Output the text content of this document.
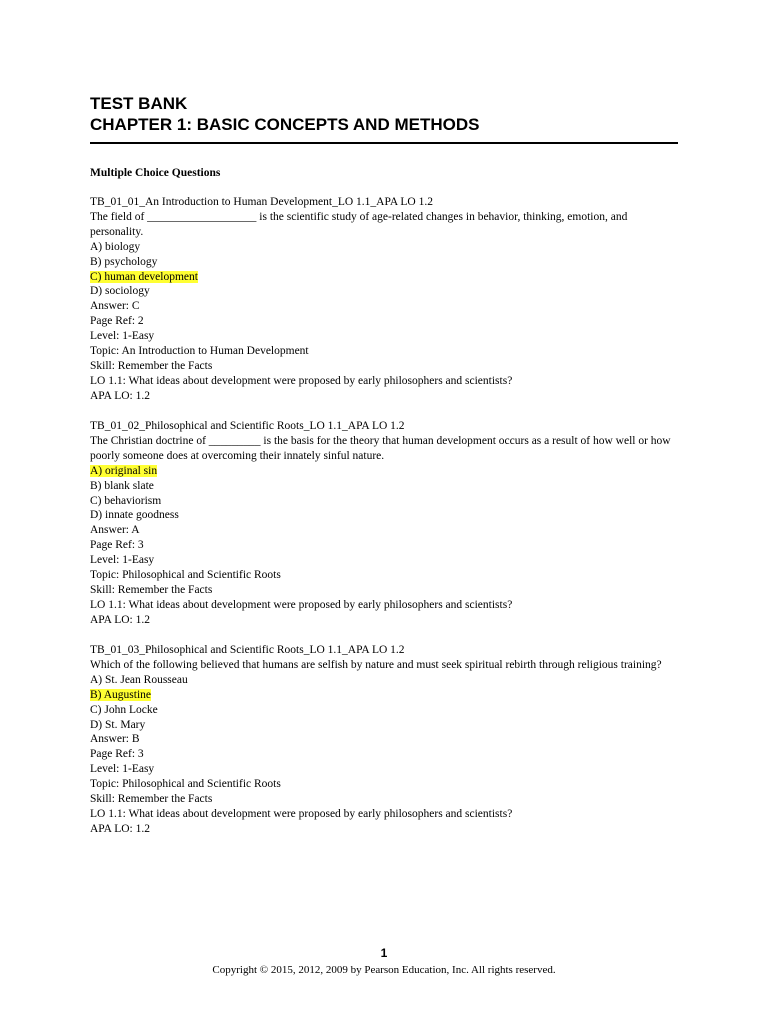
TEST BANK

CHAPTER 1: BASIC CONCEPTS AND METHODS

Multiple Choice Questions
TB_01_01_An Introduction to Human Development_LO 1.1_APA LO 1.2
The field of ___________________ is the scientific study of age-related changes in behavior, thinking, emotion, and personality.
A) biology
B) psychology
C) human development
D) sociology
Answer: C
Page Ref: 2
Level: 1-Easy
Topic: An Introduction to Human Development
Skill: Remember the Facts
LO 1.1: What ideas about development were proposed by early philosophers and scientists?
APA LO: 1.2
TB_01_02_Philosophical and Scientific Roots_LO 1.1_APA LO 1.2
The Christian doctrine of _________ is the basis for the theory that human development occurs as a result of how well or how poorly someone does at overcoming their innately sinful nature.
A) original sin
B) blank slate
C) behaviorism
D) innate goodness
Answer: A
Page Ref: 3
Level: 1-Easy
Topic: Philosophical and Scientific Roots
Skill: Remember the Facts
LO 1.1: What ideas about development were proposed by early philosophers and scientists?
APA LO: 1.2
TB_01_03_Philosophical and Scientific Roots_LO 1.1_APA LO 1.2
Which of the following believed that humans are selfish by nature and must seek spiritual rebirth through religious training?
A) St. Jean Rousseau
B) Augustine
C) John Locke
D) St. Mary
Answer: B
Page Ref: 3
Level: 1-Easy
Topic: Philosophical and Scientific Roots
Skill: Remember the Facts
LO 1.1: What ideas about development were proposed by early philosophers and scientists?
APA LO: 1.2
1
Copyright © 2015, 2012, 2009 by Pearson Education, Inc. All rights reserved.
